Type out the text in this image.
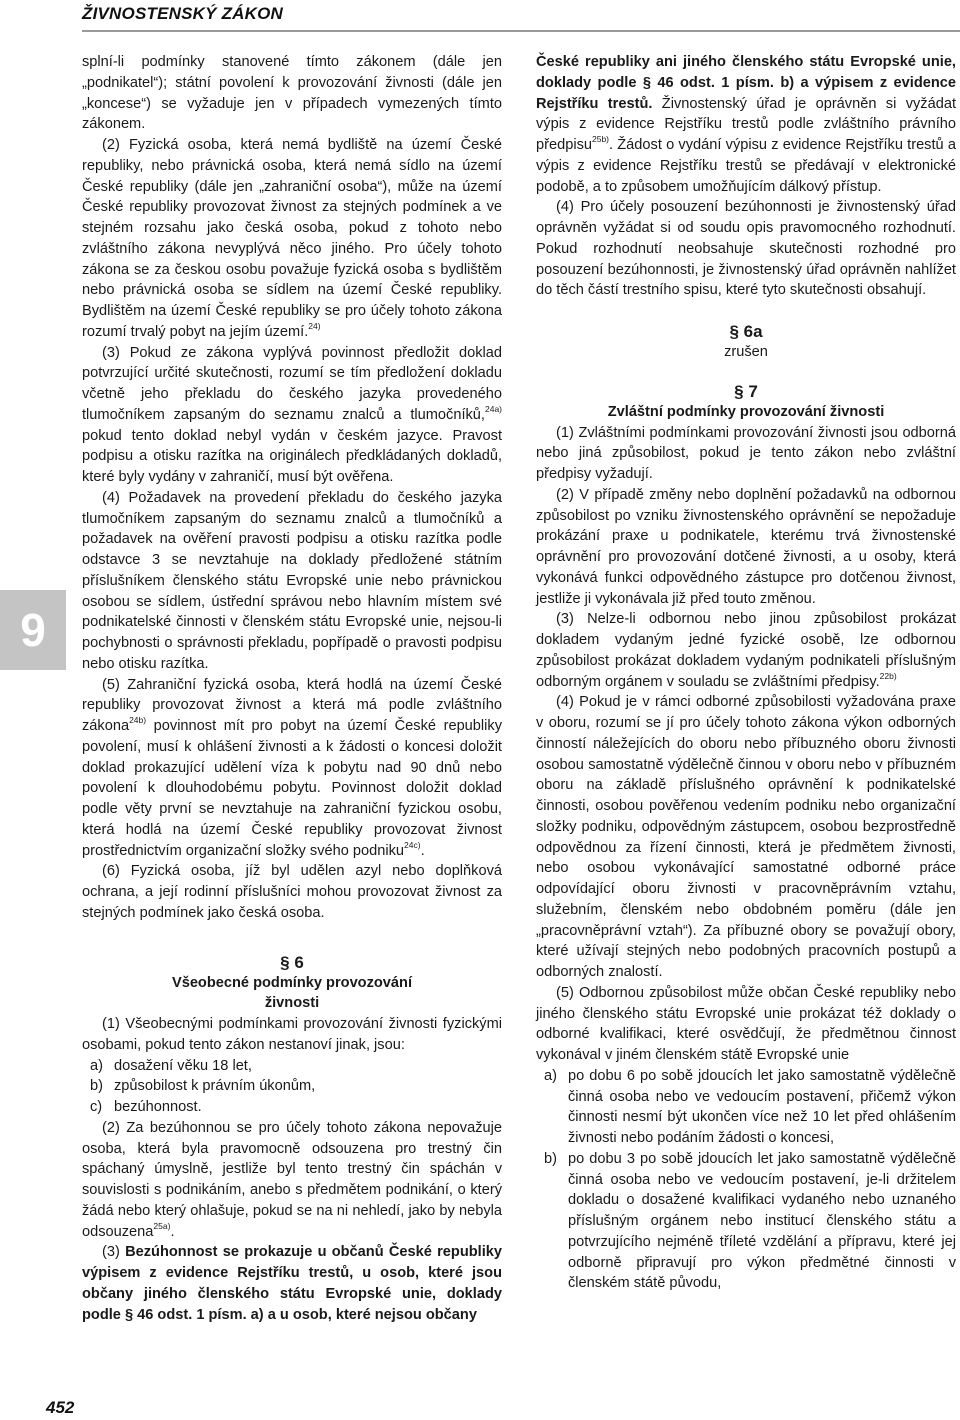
ŽIVNOSTENSKÝ ZÁKON
9
452

splní-li podmínky stanovené tímto zákonem (dále jen „podnikatel“); státní povolení k provozování živnosti (dále jen „koncese“) se vyžaduje jen v případech vymezených tímto zákonem.

(2) Fyzická osoba, která nemá bydliště na území České republiky, nebo právnická osoba, která nemá sídlo na území České republiky (dále jen „zahraniční osoba“), může na území České republiky provozovat živnost za stejných podmínek a ve stejném rozsahu jako česká osoba, pokud z tohoto nebo zvláštního zákona nevyplývá něco jiného. Pro účely tohoto zákona se za českou osobu považuje fyzická osoba s bydlištěm nebo právnická osoba se sídlem na území České republiky. Bydlištěm na území České republiky se pro účely tohoto zákona rozumí trvalý pobyt na jejím území.$^{24)}$

(3) Pokud ze zákona vyplývá povinnost předložit doklad potvrzující určité skutečnosti, rozumí se tím předložení dokladu včetně jeho překladu do českého jazyka provedeného tlumočníkem zapsaným do seznamu znalců a tlumočníků,$^{24a)}$ pokud tento doklad nebyl vydán v českém jazyce. Pravost podpisu a otisku razítka na originálech předkládaných dokladů, které byly vydány v zahraničí, musí být ověřena.

(4) Požadavek na provedení překladu do českého jazyka tlumočníkem zapsaným do seznamu znalců a tlumočníků a požadavek na ověření pravosti podpisu a otisku razítka podle odstavce 3 se nevztahuje na doklady předložené státním příslušníkem členského státu Evropské unie nebo právnickou osobou se sídlem, ústřední správou nebo hlavním místem své podnikatelské činnosti v členském státu Evropské unie, nejsou-li pochybnosti o správnosti překladu, popřípadě o pravosti podpisu nebo otisku razítka.

(5) Zahraniční fyzická osoba, která hodlá na území České republiky provozovat živnost a která má podle zvláštního zákona$^{24b)}$ povinnost mít pro pobyt na území České republiky povolení, musí k ohlášení živnosti a k žádosti o koncesi doložit doklad prokazující udělení víza k pobytu nad 90 dnů nebo povolení k dlouhodobému pobytu. Povinnost doložit doklad podle věty první se nevztahuje na zahraniční fyzickou osobu, která hodlá na území České republiky provozovat živnost prostřednictvím organizační složky svého podniku$^{24c)}$.

(6) Fyzická osoba, jíž byl udělen azyl nebo doplňková ochrana, a její rodinní příslušníci mohou provozovat živnost za stejných podmínek jako česká osoba.

§ 6

Všeobecné podmínky provozování

živnosti

(1) Všeobecnými podmínkami provozování živnosti fyzickými osobami, pokud tento zákon nestanoví jinak, jsou:

a) dosažení věku 18 let,
b) způsobilost k právním úkonům,
c) bezúhonnost.

(2) Za bezúhonnou se pro účely tohoto zákona nepovažuje osoba, která byla pravomocně odsouzena pro trestný čin spáchaný úmyslně, jestliže byl tento trestný čin spáchán v souvislosti s podnikáním, anebo s předmětem podnikání, o který žádá nebo který ohlašuje, pokud se na ni nehledí, jako by nebyla odsouzena$^{25a)}$.

(3) Bezúhonnost se prokazuje u občanů České republiky výpisem z evidence Rejstříku trestů, u osob, které jsou občany jiného členského státu Evropské unie, doklady podle § 46 odst. 1 písm. a) a u osob, které nejsou občany

České republiky ani jiného členského státu Evropské unie, doklady podle § 46 odst. 1 písm. b) a výpisem z evidence Rejstříku trestů. Živnostenský úřad je oprávněn si vyžádat výpis z evidence Rejstříku trestů podle zvláštního právního předpisu$^{25b)}$. Žádost o vydání výpisu z evidence Rejstříku trestů a výpis z evidence Rejstříku trestů se předávají v elektronické podobě, a to způsobem umožňujícím dálkový přístup.

(4) Pro účely posouzení bezúhonnosti je živnostenský úřad oprávněn vyžádat si od soudu opis pravomocného rozhodnutí. Pokud rozhodnutí neobsahuje skutečnosti rozhodné pro posouzení bezúhonnosti, je živnostenský úřad oprávněn nahlížet do těch částí trestního spisu, které tyto skutečnosti obsahují.

§ 6a

zrušen

§ 7

Zvláštní podmínky provozování živnosti

(1) Zvláštními podmínkami provozování živnosti jsou odborná nebo jiná způsobilost, pokud je tento zákon nebo zvláštní předpisy vyžadují.

(2) V případě změny nebo doplnění požadavků na odbornou způsobilost po vzniku živnostenského oprávnění se nepožaduje prokázání praxe u podnikatele, kterému trvá živnostenské oprávnění pro provozování dotčené živnosti, a u osoby, která vykonává funkci odpovědného zástupce pro dotčenou živnost, jestliže ji vykonávala již před touto změnou.

(3) Nelze-li odbornou nebo jinou způsobilost prokázat dokladem vydaným jedné fyzické osobě, lze odbornou způsobilost prokázat dokladem vydaným podnikateli příslušným odborným orgánem v souladu se zvláštními předpisy.$^{22b)}$

(4) Pokud je v rámci odborné způsobilosti vyžadována praxe v oboru, rozumí se jí pro účely tohoto zákona výkon odborných činností náležejících do oboru nebo příbuzného oboru živnosti osobou samostatně výdělečně činnou v oboru nebo v příbuzném oboru na základě příslušného oprávnění k podnikatelské činnosti, osobou pověřenou vedením podniku nebo organizační složky podniku, odpovědným zástupcem, osobou bezprostředně odpovědnou za řízení činnosti, která je předmětem živnosti, nebo osobou vykonávající samostatné odborné práce odpovídající oboru živnosti v pracovněprávním vztahu, služebním, členském nebo obdobném poměru (dále jen „pracovněprávní vztah“). Za příbuzné obory se považují obory, které užívají stejných nebo podobných pracovních postupů a odborných znalostí.

(5) Odbornou způsobilost může občan České republiky nebo jiného členského státu Evropské unie prokázat též doklady o odborné kvalifikaci, které osvědčují, že předmětnou činnost vykonával v jiném členském státě Evropské unie

a) po dobu 6 po sobě jdoucích let jako samostatně výdělečně činná osoba nebo ve vedoucím postavení, přičemž výkon činnosti nesmí být ukončen více než 10 let před ohlášením živnosti nebo podáním žádosti o koncesi,
b) po dobu 3 po sobě jdoucích let jako samostatně výdělečně činná osoba nebo ve vedoucím postavení, je-li držitelem dokladu o dosažené kvalifikaci vydaného nebo uznaného příslušným orgánem nebo institucí členského státu a potvrzujícího nejméně tříleté vzdělání a přípravu, které jej odborně připravují pro výkon předmětné činnosti v členském státě původu,
